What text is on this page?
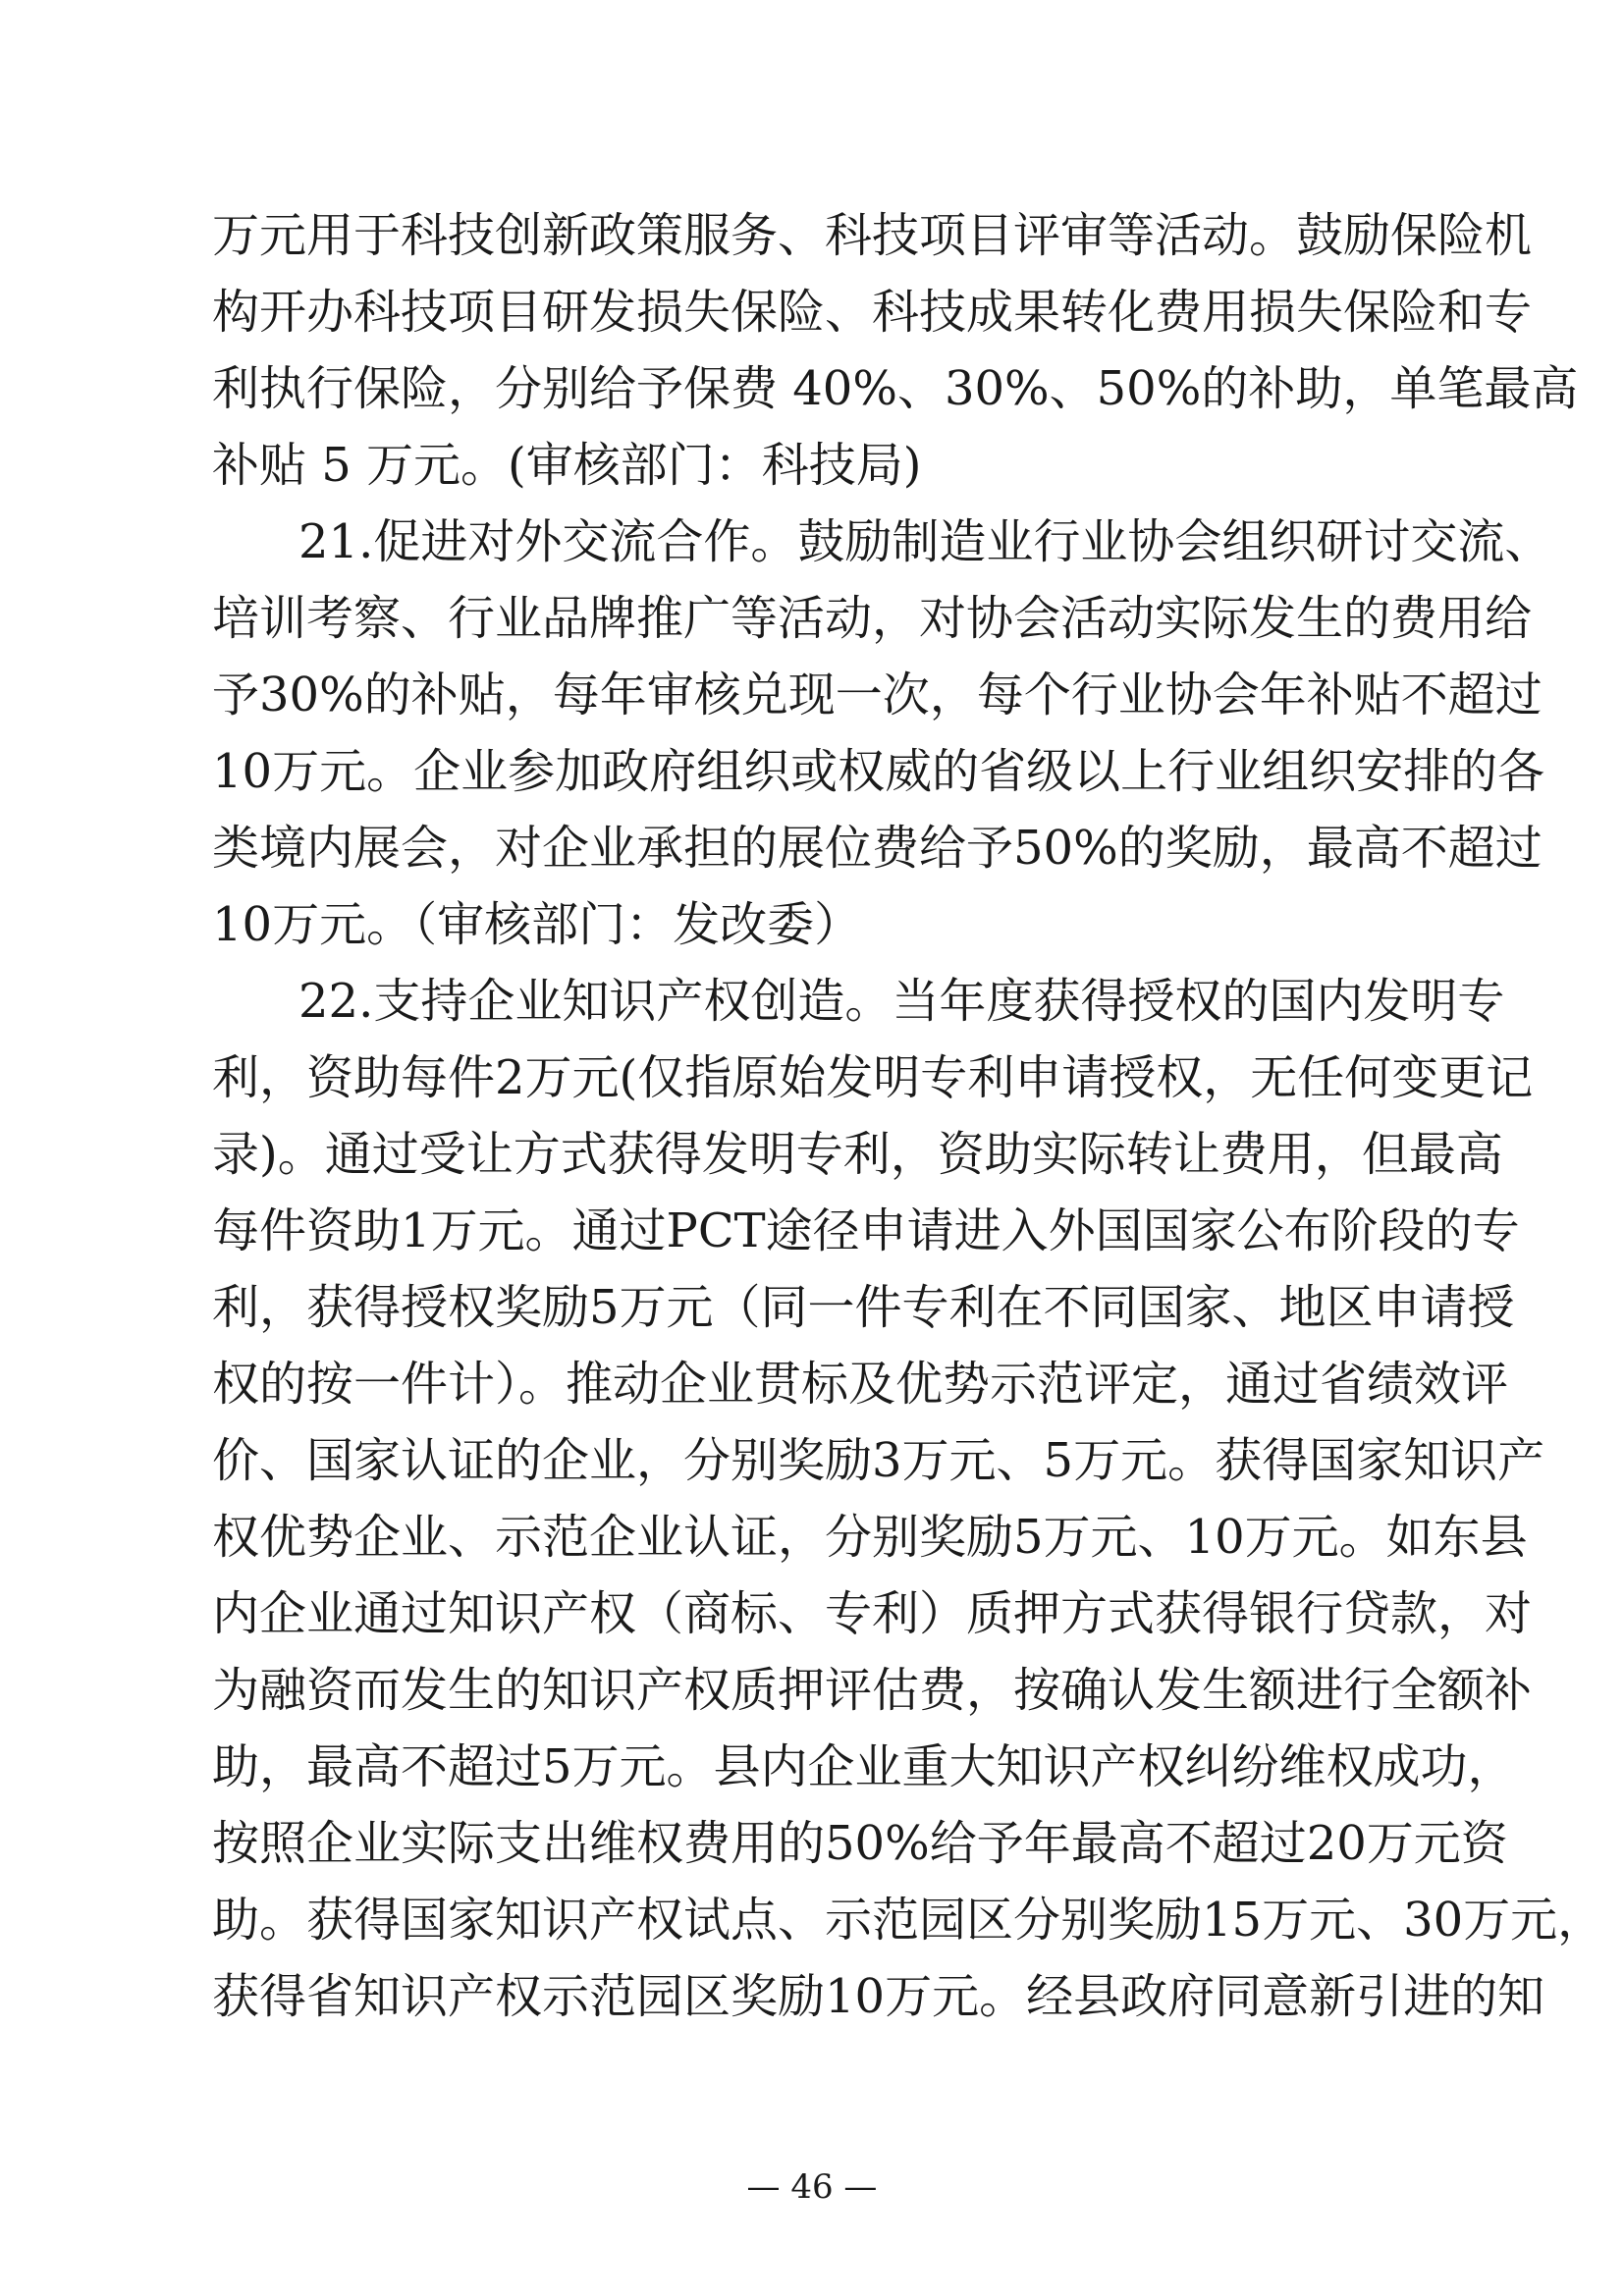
万元用于科技创新政策服务、科技项目评审等活动。鼓励保险机
构开办科技项目研发损失保险、科技成果转化费用损失保险和专
利执行保险，分别给予保费 40%、30%、50%的补助，单笔最高
补贴 5 万元。(审核部门：科技局)
21.促进对外交流合作。鼓励制造业行业协会组织研讨交流、
培训考察、行业品牌推广等活动，对协会活动实际发生的费用给
予30%的补贴，每年审核兑现一次，每个行业协会年补贴不超过
10万元。企业参加政府组织或权威的省级以上行业组织安排的各
类境内展会，对企业承担的展位费给予50%的奖励，最高不超过
10万元。（审核部门：发改委）
22.支持企业知识产权创造。当年度获得授权的国内发明专
利，资助每件2万元(仅指原始发明专利申请授权，无任何变更记
录)。通过受让方式获得发明专利，资助实际转让费用，但最高
每件资助1万元。通过PCT途径申请进入外国国家公布阶段的专
利，获得授权奖励5万元（同一件专利在不同国家、地区申请授
权的按一件计）。推动企业贯标及优势示范评定，通过省绩效评
价、国家认证的企业，分别奖励3万元、5万元。获得国家知识产
权优势企业、示范企业认证，分别奖励5万元、10万元。如东县
内企业通过知识产权（商标、专利）质押方式获得银行贷款，对
为融资而发生的知识产权质押评估费，按确认发生额进行全额补
助，最高不超过5万元。县内企业重大知识产权纠纷维权成功，
按照企业实际支出维权费用的50%给予年最高不超过20万元资
助。获得国家知识产权试点、示范园区分别奖励15万元、30万元，
获得省知识产权示范园区奖励10万元。经县政府同意新引进的知
— 46 —
